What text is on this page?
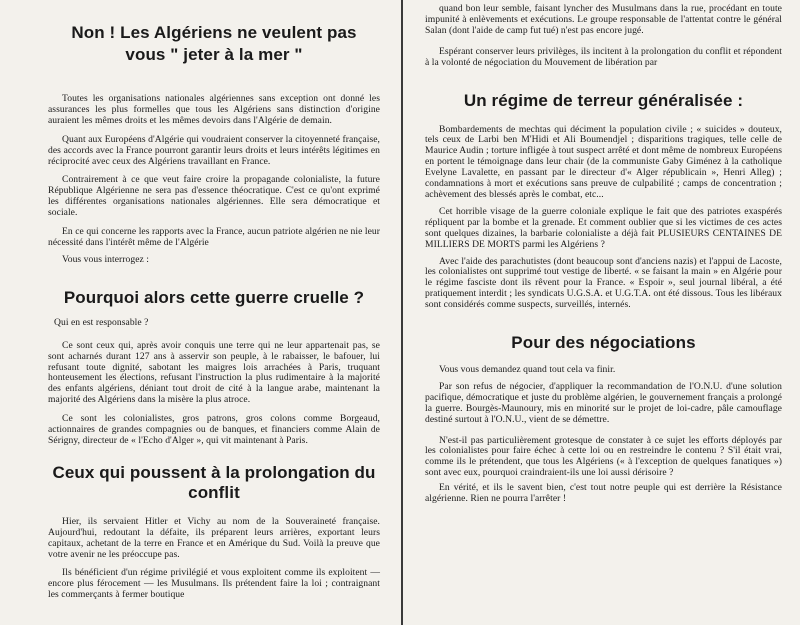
Non ! Les Algériens ne veulent pas
vous " jeter à la mer "

Toutes les organisations nationales algériennes sans exception ont donné les assurances les plus formelles que tous les Algériens sans distinction d'origine auraient les mêmes droits et les mêmes devoirs dans l'Algérie de demain.

Quant aux Européens d'Algérie qui voudraient conserver la citoyenneté française, des accords avec la France pourront garantir leurs droits et leurs intérêts légitimes en réciprocité avec ceux des Algériens travaillant en France.

Contrairement à ce que veut faire croire la propagande colonialiste, la future République Algérienne ne sera pas d'essence théocratique. C'est ce qu'ont exprimé les différentes organisations nationales algériennes. Elle sera démocratique et sociale.

En ce qui concerne les rapports avec la France, aucun patriote algérien ne nie leur nécessité dans l'intérêt même de l'Algérie

Vous vous interrogez :

Pourquoi alors cette guerre cruelle ?

Qui en est responsable ?

Ce sont ceux qui, après avoir conquis une terre qui ne leur appartenait pas, se sont acharnés durant 127 ans à asservir son peuple, à le rabaisser, le bafouer, lui refusant toute dignité, sabotant les maigres lois arrachées à Paris, truquant honteusement les élections, refusant l'instruction la plus rudimentaire à la majorité des enfants algériens, déniant tout droit de cité à la langue arabe, maintenant la majorité des Algériens dans la misère la plus atroce.

Ce sont les colonialistes, gros patrons, gros colons comme Borgeaud, actionnaires de grandes compagnies ou de banques, et financiers comme Alain de Sérigny, directeur de « l'Echo d'Alger », qui vit maintenant à Paris.

Ceux qui poussent à la prolongation du conflit

Hier, ils servaient Hitler et Vichy au nom de la Souveraineté française. Aujourd'hui, redoutant la défaite, ils préparent leurs arrières, exportant leurs capitaux, achetant de la terre en France et en Amérique du Sud. Voilà la preuve que votre avenir ne les préoccupe pas.

Ils bénéficient d'un régime privilégié et vous exploitent comme ils exploitent — encore plus férocement — les Musulmans. Ils prétendent faire la loi ; contraignant les commerçants à fermer boutique

quand bon leur semble, faisant lyncher des Musulmans dans la rue, procédant en toute impunité à enlèvements et exécutions. Le groupe responsable de l'attentat contre le général Salan (dont l'aide de camp fut tué) n'est pas encore jugé.

Espérant conserver leurs privilèges, ils incitent à la prolongation du conflit et répondent à la volonté de négociation du Mouvement de libération par

Un régime de terreur généralisée :

Bombardements de mechtas qui déciment la population civile ; « suicides » douteux, tels ceux de Larbi ben M'Hidi et Ali Boumendjel ; disparitions tragiques, telle celle de Maurice Audin ; torture infligée à tout suspect arrêté et dont même de nombreux Européens en portent le témoignage dans leur chair (de la communiste Gaby Giménez à la catholique Evelyne Lavalette, en passant par le directeur d'« Alger républicain », Henri Alleg) ; condamnations à mort et exécutions sans preuve de culpabilité ; camps de concentration ; achèvement des blessés après le combat, etc...

Cet horrible visage de la guerre coloniale explique le fait que des patriotes exaspérés répliquent par la bombe et la grenade. Et comment oublier que si les victimes de ces actes sont quelques dizaines, la barbarie colonialiste a déjà fait PLUSIEURS CENTAINES DE MILLIERS DE MORTS parmi les Algériens ?

Avec l'aide des parachutistes (dont beaucoup sont d'anciens nazis) et l'appui de Lacoste, les colonialistes ont supprimé tout vestige de liberté. « se faisant la main » en Algérie pour le régime fasciste dont ils rêvent pour la France. « Espoir », seul journal libéral, a été pratiquement interdit ; les syndicats U.G.S.A. et U.G.T.A. ont été dissous. Tous les libéraux sont considérés comme suspects, surveillés, internés.

Pour des négociations

Vous vous demandez quand tout cela va finir.

Par son refus de négocier, d'appliquer la recommandation de l'O.N.U. d'une solution pacifique, démocratique et juste du problème algérien, le gouvernement français a prolongé la guerre. Bourgès-Maunoury, mis en minorité sur le projet de loi-cadre, pâle camouflage destiné surtout à l'O.N.U., vient de se démettre.

N'est-il pas particulièrement grotesque de constater à ce sujet les efforts déployés par les colonialistes pour faire échec à cette loi ou en restreindre le contenu ? S'il était vrai, comme ils le prétendent, que tous les Algériens (« à l'exception de quelques fanatiques ») sont avec eux, pourquoi craindraient-ils une loi aussi dérisoire ?

En vérité, et ils le savent bien, c'est tout notre peuple qui est derrière la Résistance algérienne. Rien ne pourra l'arrêter !
